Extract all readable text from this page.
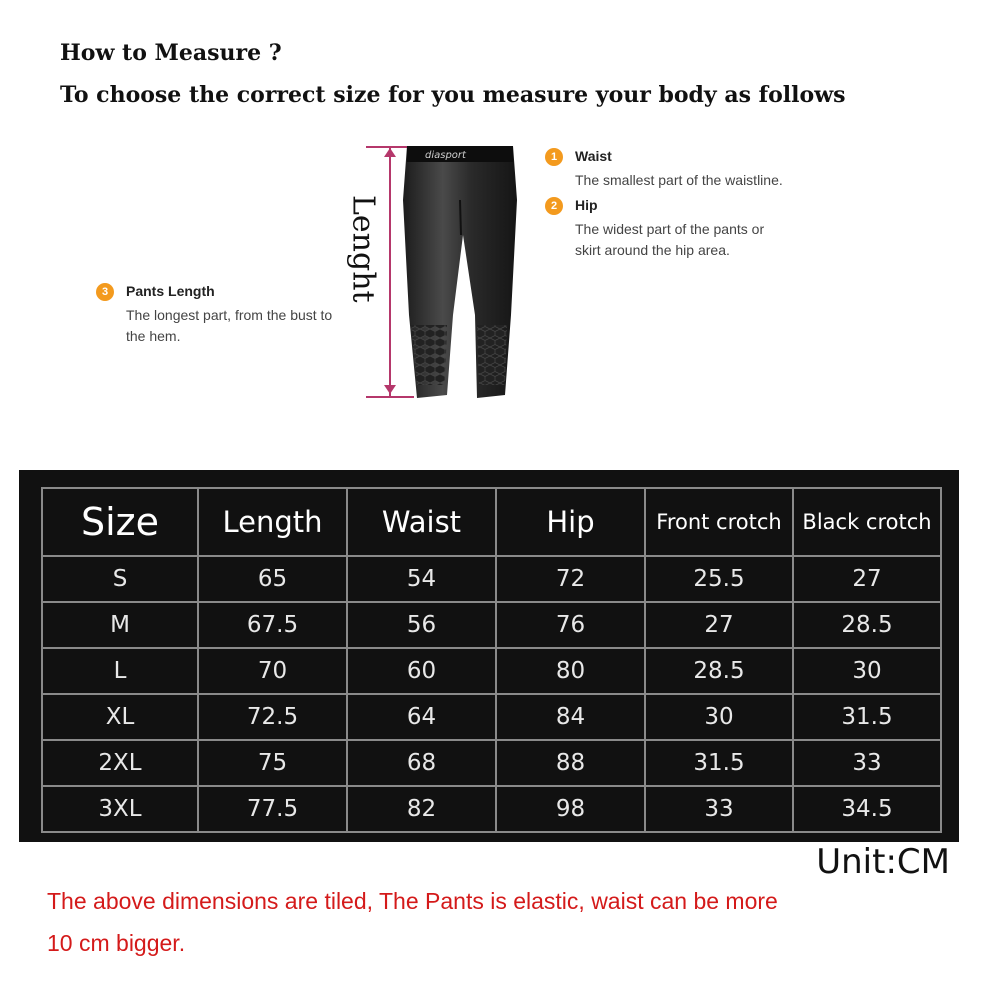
How to Measure ?
To choose the correct size for you measure your body as follows
Lenght
diasport	1	Waist
The smallest part of the waistline.
2	Hip
The widest part of the pants or
skirt around the hip area.
3	Pants Length
The longest part, from the bust to
the hem.
Size	Length	Waist	Hip	Front crotch	Black crotch
S	65	54	72	25.5	27
M	67.5	56	76	27	28.5
L	70	60	80	28.5	30
XL	72.5	64	84	30	31.5
2XL	75	68	88	31.5	33
3XL	77.5	82	98	33	34.5
Unit:CM
The above dimensions are tiled, The Pants is elastic, waist can be more
10 cm bigger.
